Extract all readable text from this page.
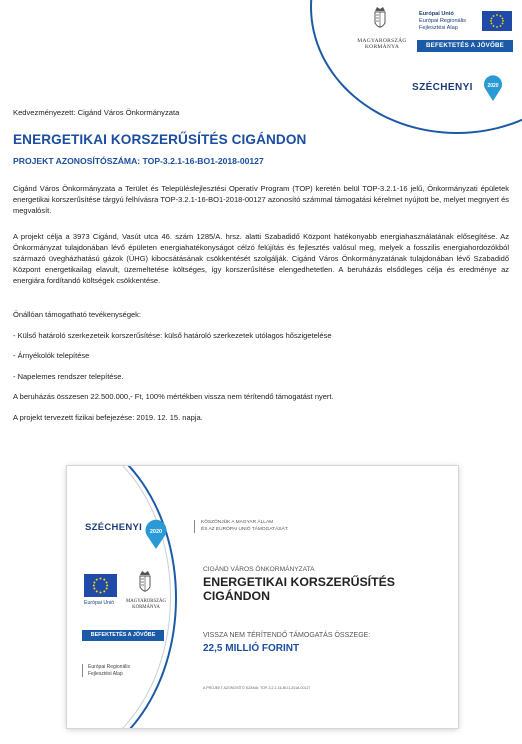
MAGYARORSZÁG KORMÁNYA
Európai Unió
Európai Regionális
Fejlesztési Alap
BEFEKTETÉS A JÖVŐBE
SZÉCHENYI	2020
Kedvezményezett: Cigánd Város Önkormányzata
ENERGETIKAI KORSZERŰSÍTÉS CIGÁNDON
PROJEKT AZONOSÍTÓSZÁMA: TOP-3.2.1-16-BO1-2018-00127

Cigánd Város Önkormányzata a Terület és Településfejlesztési Operatív Program (TOP) keretén belül TOP-3.2.1-16 jelű, Önkormányzati épületek energetikai korszerűsítése tárgyú felhívásra TOP-3.2.1-16-BO1-2018-00127 azonosító számmal támogatási kérelmet nyújtott be, melyet megnyert és megvalósít.

A projekt célja a 3973 Cigánd, Vasút utca 46. szám 1285/A. hrsz. alatti Szabadidő Központ hatékonyabb energiahasználatának elősegítése. Az Önkormányzat tulajdonában lévő épületen energiahatékonyságot célzó felújítás és fejlesztés valósul meg, melyek a fosszilis energiahordozókból származó üvegházhatású gázok (ÜHG) kibocsátásának csökkentését szolgálják. Cigánd Város Önkormányzatának tulajdonában lévő Szabadidő Központ energetikailag elavult, üzemeltetése költséges, így korszerűsítése elengedhetetlen. A beruházás elsődleges célja és eredménye az energiára fordítandó költségek csökkentése.

Önállóan támogatható tevékenységek:

- Külső határoló szerkezeteik korszerűsítése: külső határoló szerkezetek utólagos hőszigetelése

- Árnyékolók telepítése

- Napelemes rendszer telepítése.

A beruházás összesen 22.500.000,- Ft, 100% mértékben vissza nem térítendő támogatást nyert.

A projekt tervezett fizikai befejezése: 2019. 12. 15. napja.

SZÉCHENYI 2020
Európai Unió	MAGYARORSZÁG KORMÁNYA
BEFEKTETÉS A JÖVŐBE
Európai Regionális
Fejlesztési Alap
KÖSZÖNJÜK A MAGYAR ÁLLAM
ÉS AZ EURÓPAI UNIÓ TÁMOGATÁSÁT.
CIGÁND VÁROS ÖNKORMÁNYZATA
ENERGETIKAI KORSZERŰSÍTÉS
CIGÁNDON
VISSZA NEM TÉRÍTENDŐ TÁMOGATÁS ÖSSZEGE:
22,5 MILLIÓ FORINT
A PROJEKT AZONOSÍTÓ SZÁMA: TOP-3.2.1-16-BO1-2018-00127
